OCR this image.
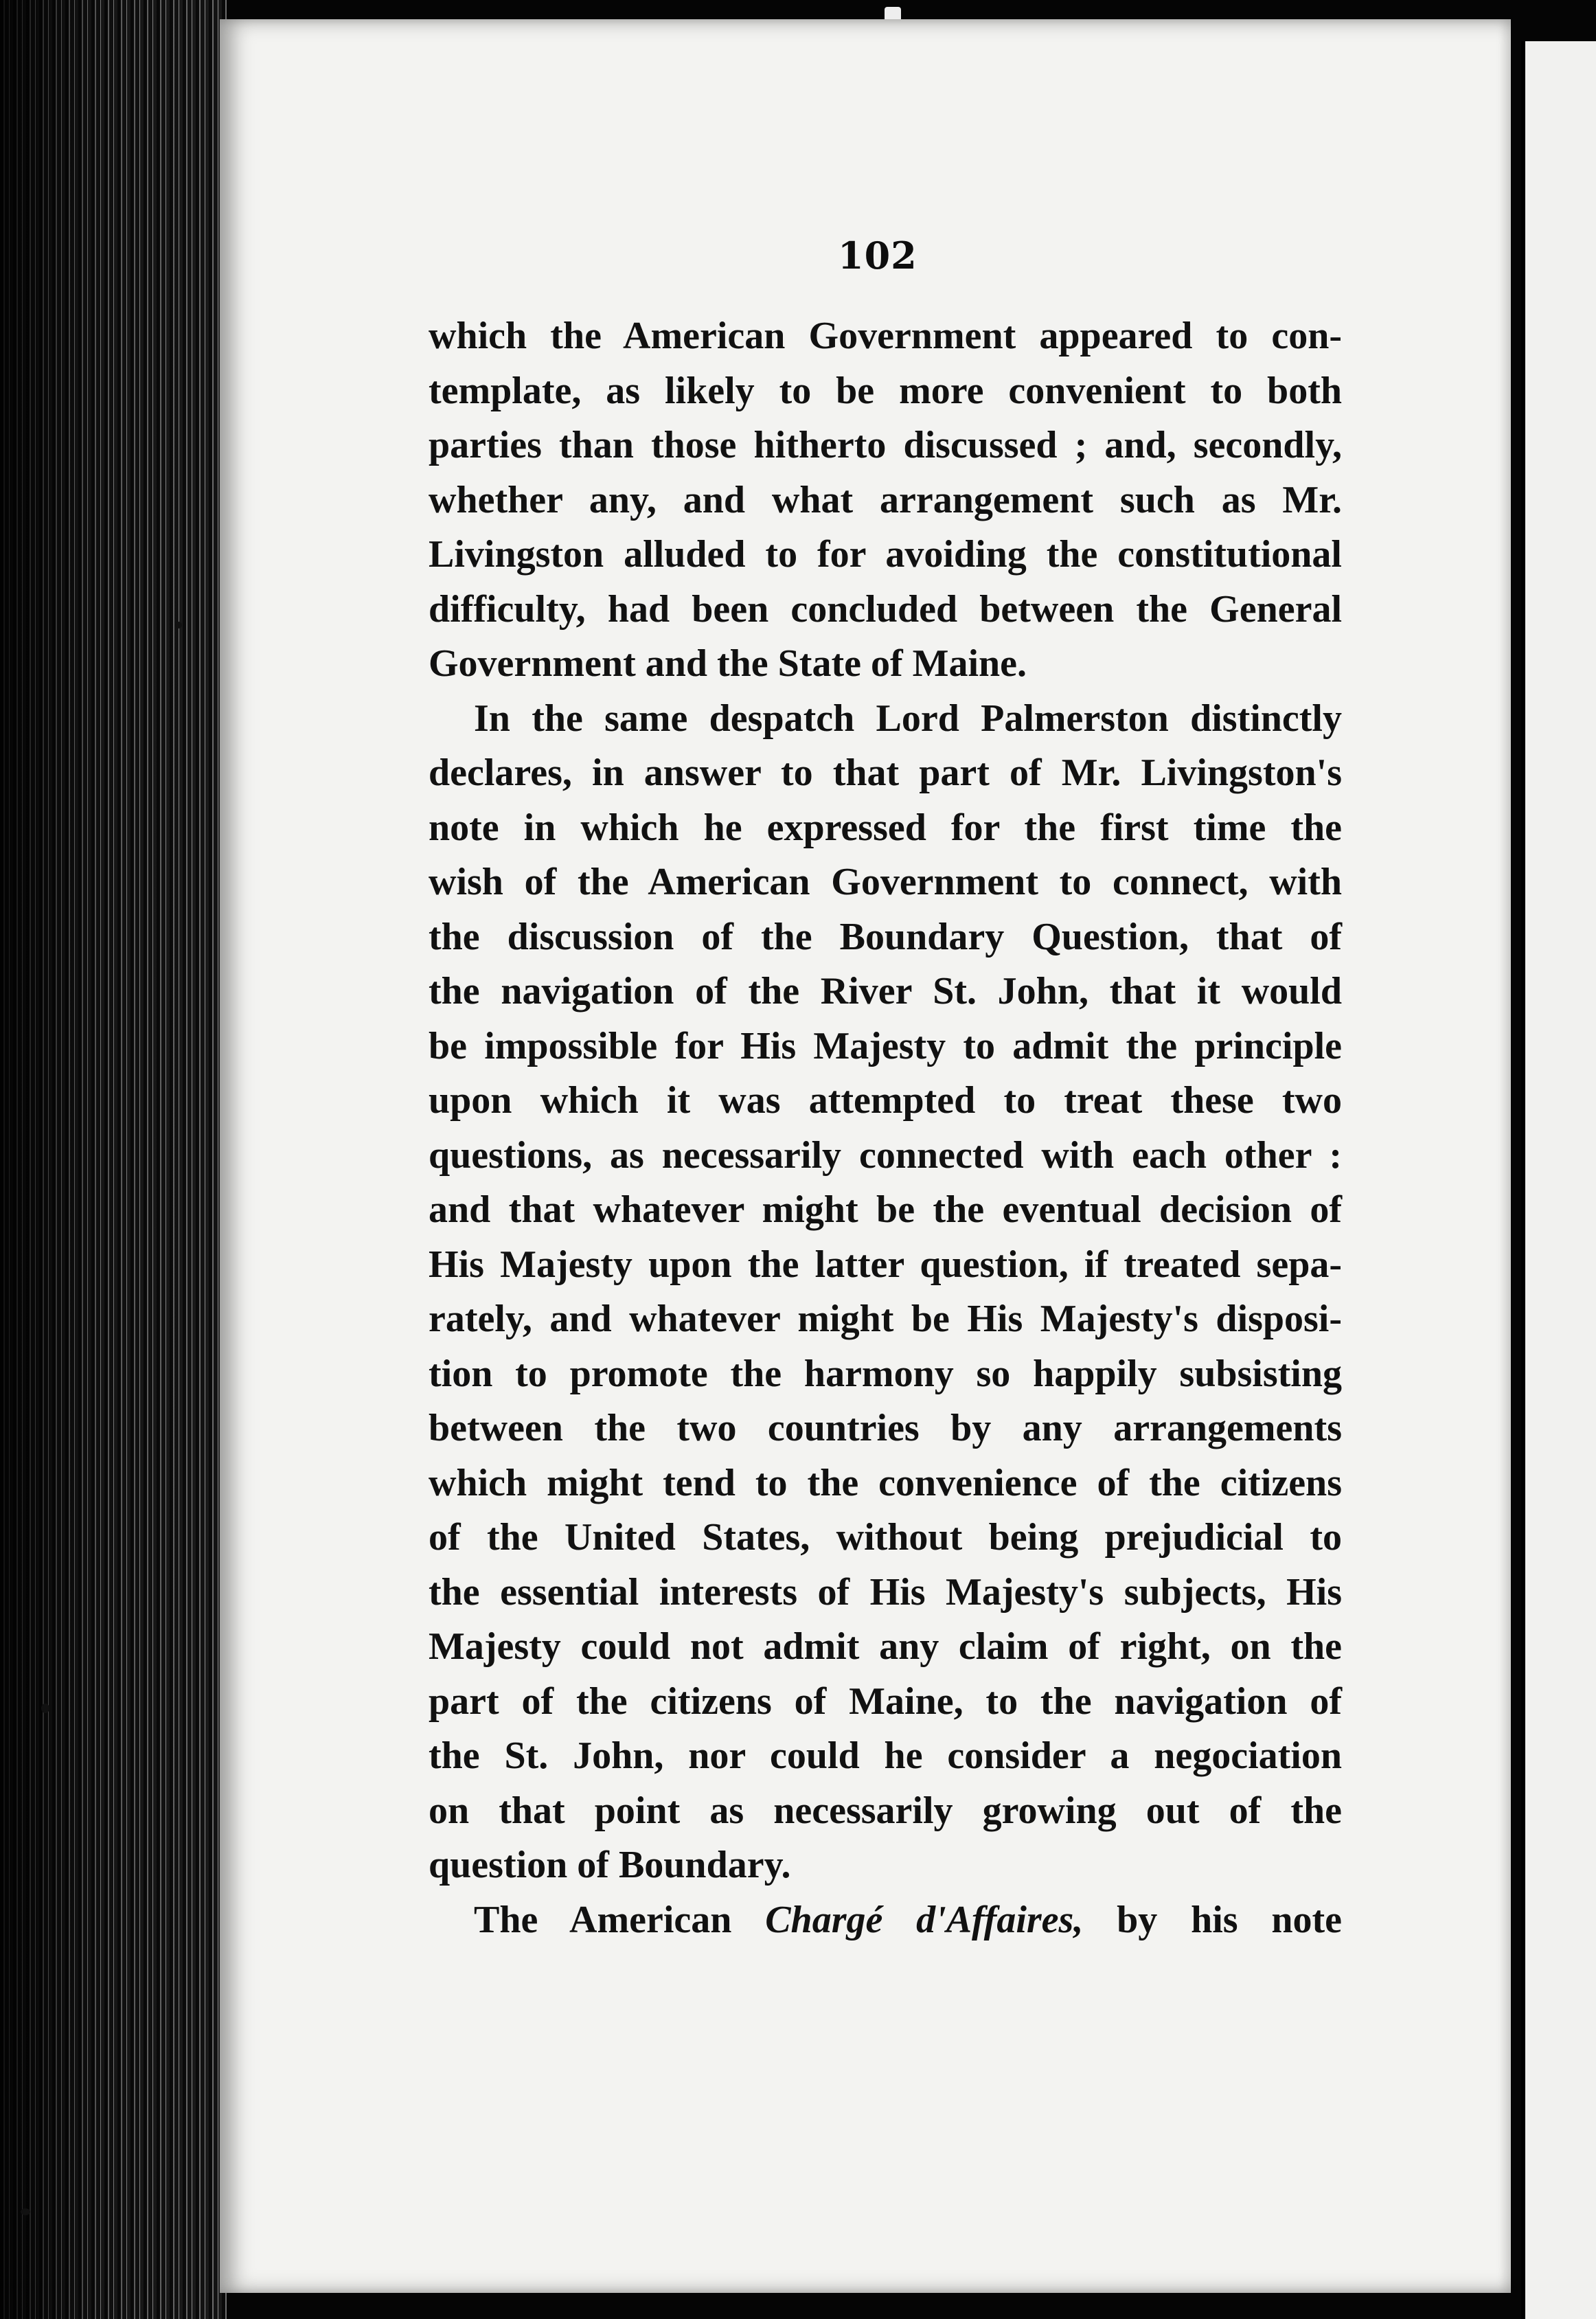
102
which the American Government appeared to con-
template, as likely to be more convenient to both
parties than those hitherto discussed ; and, secondly,
whether any, and what arrangement such as Mr.
Livingston alluded to for avoiding the constitutional
difficulty, had been concluded between the General
Government and the State of Maine.
In the same despatch Lord Palmerston distinctly
declares, in answer to that part of Mr. Livingston's
note in which he expressed for the first time the
wish of the American Government to connect, with
the discussion of the Boundary Question, that of
the navigation of the River St. John, that it would
be impossible for His Majesty to admit the principle
upon which it was attempted to treat these two
questions, as necessarily connected with each other :
and that whatever might be the eventual decision of
His Majesty upon the latter question, if treated sepa-
rately, and whatever might be His Majesty's disposi-
tion to promote the harmony so happily subsisting
between the two countries by any arrangements
which might tend to the convenience of the citizens
of the United States, without being prejudicial to
the essential interests of His Majesty's subjects, His
Majesty could not admit any claim of right, on the
part of the citizens of Maine, to the navigation of
the St. John, nor could he consider a negociation
on that point as necessarily growing out of the
question of Boundary.
The American Chargé d'Affaires, by his note
